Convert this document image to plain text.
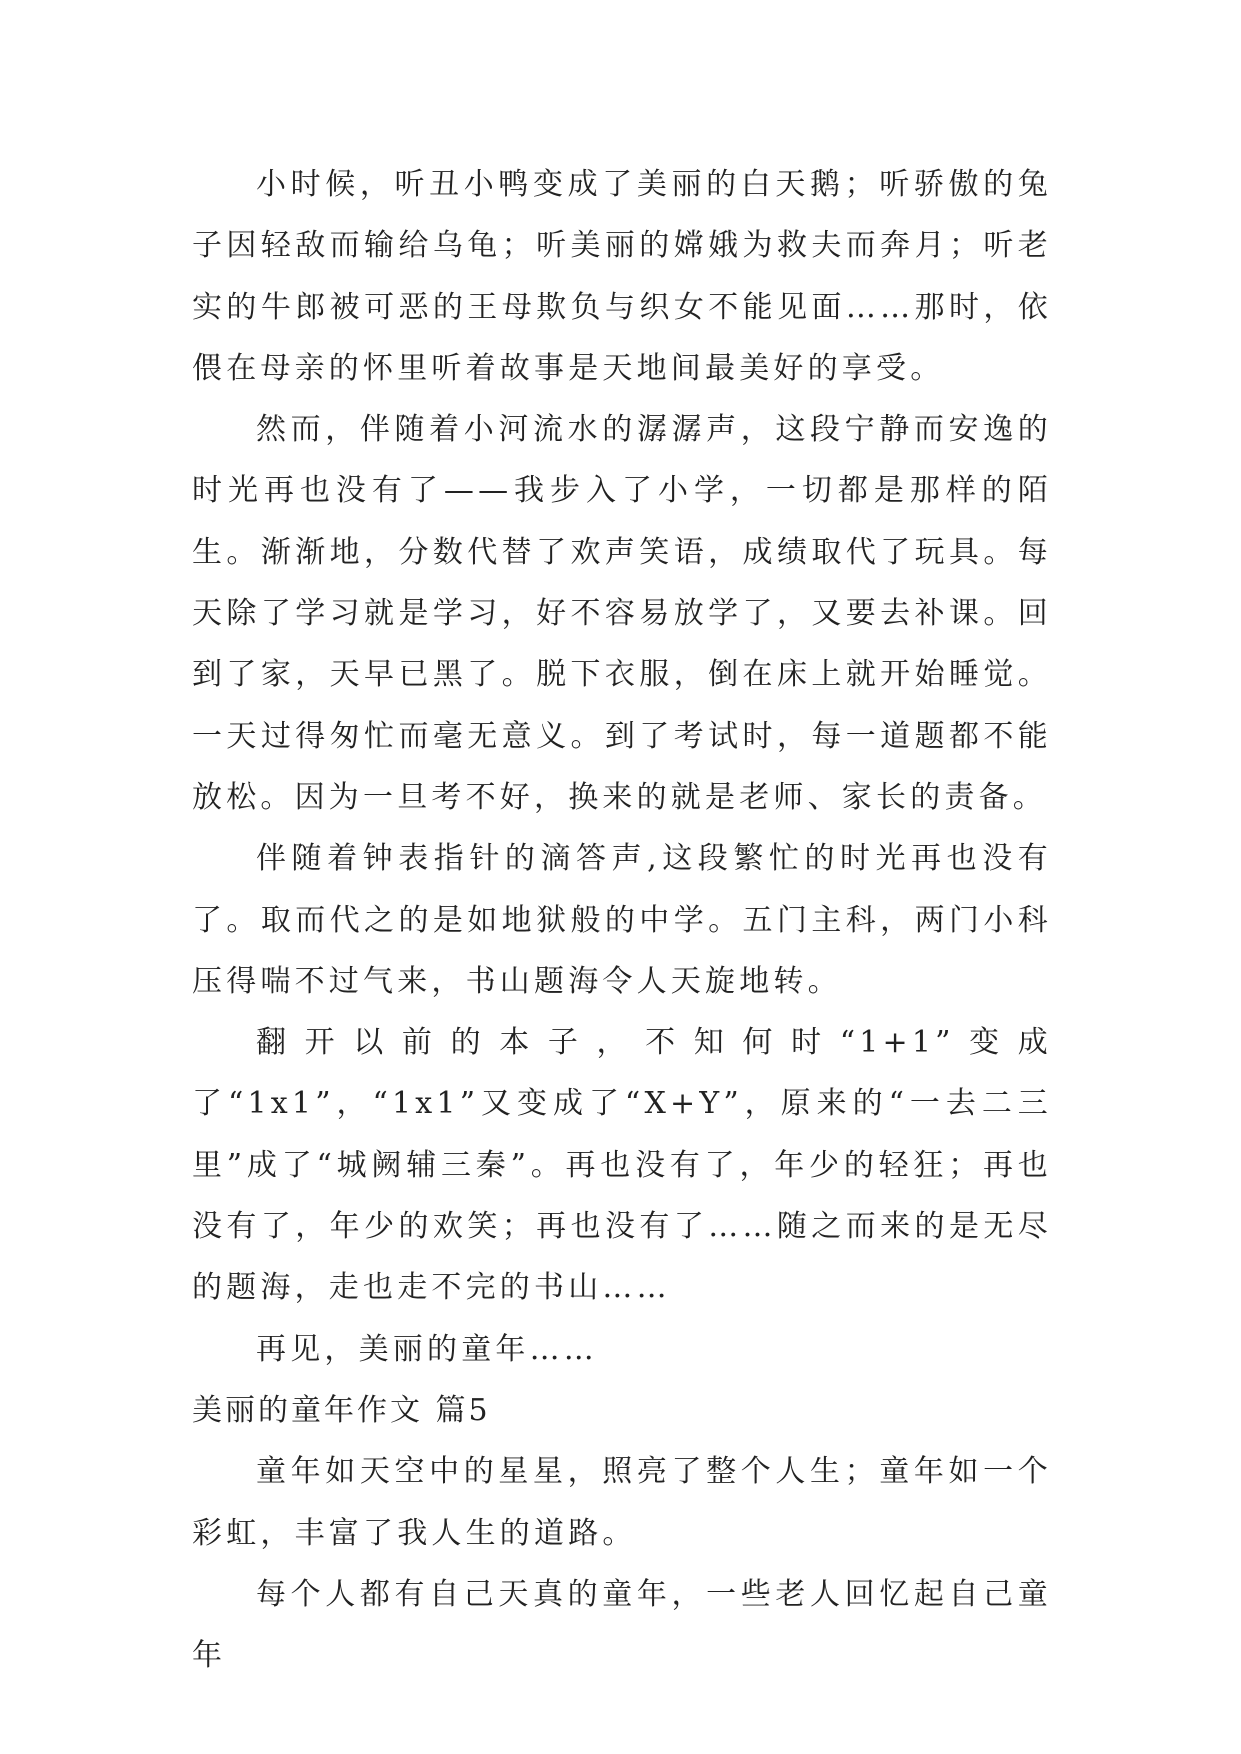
小时候，听丑小鸭变成了美丽的白天鹅；听骄傲的兔子因轻敌而输给乌龟；听美丽的嫦娥为救夫而奔月；听老实的牛郎被可恶的王母欺负与织女不能见面……那时，依偎在母亲的怀里听着故事是天地间最美好的享受。

然而，伴随着小河流水的潺潺声，这段宁静而安逸的时光再也没有了——我步入了小学，一切都是那样的陌生。渐渐地，分数代替了欢声笑语，成绩取代了玩具。每天除了学习就是学习，好不容易放学了，又要去补课。回到了家，天早已黑了。脱下衣服，倒在床上就开始睡觉。一天过得匆忙而毫无意义。到了考试时，每一道题都不能放松。因为一旦考不好，换来的就是老师、家长的责备。

伴随着钟表指针的滴答声,这段繁忙的时光再也没有了。取而代之的是如地狱般的中学。五门主科，两门小科压得喘不过气来，书山题海令人天旋地转。

翻开以前的本子，不知何时“1+1”变成了“1x1”，“1x1”又变成了“X+Y”，原来的“一去二三里”成了“城阙辅三秦”。再也没有了，年少的轻狂；再也没有了，年少的欢笑；再也没有了……随之而来的是无尽的题海，走也走不完的书山……

再见，美丽的童年……

美丽的童年作文 篇5

童年如天空中的星星，照亮了整个人生；童年如一个彩虹，丰富了我人生的道路。

每个人都有自己天真的童年，一些老人回忆起自己童年
